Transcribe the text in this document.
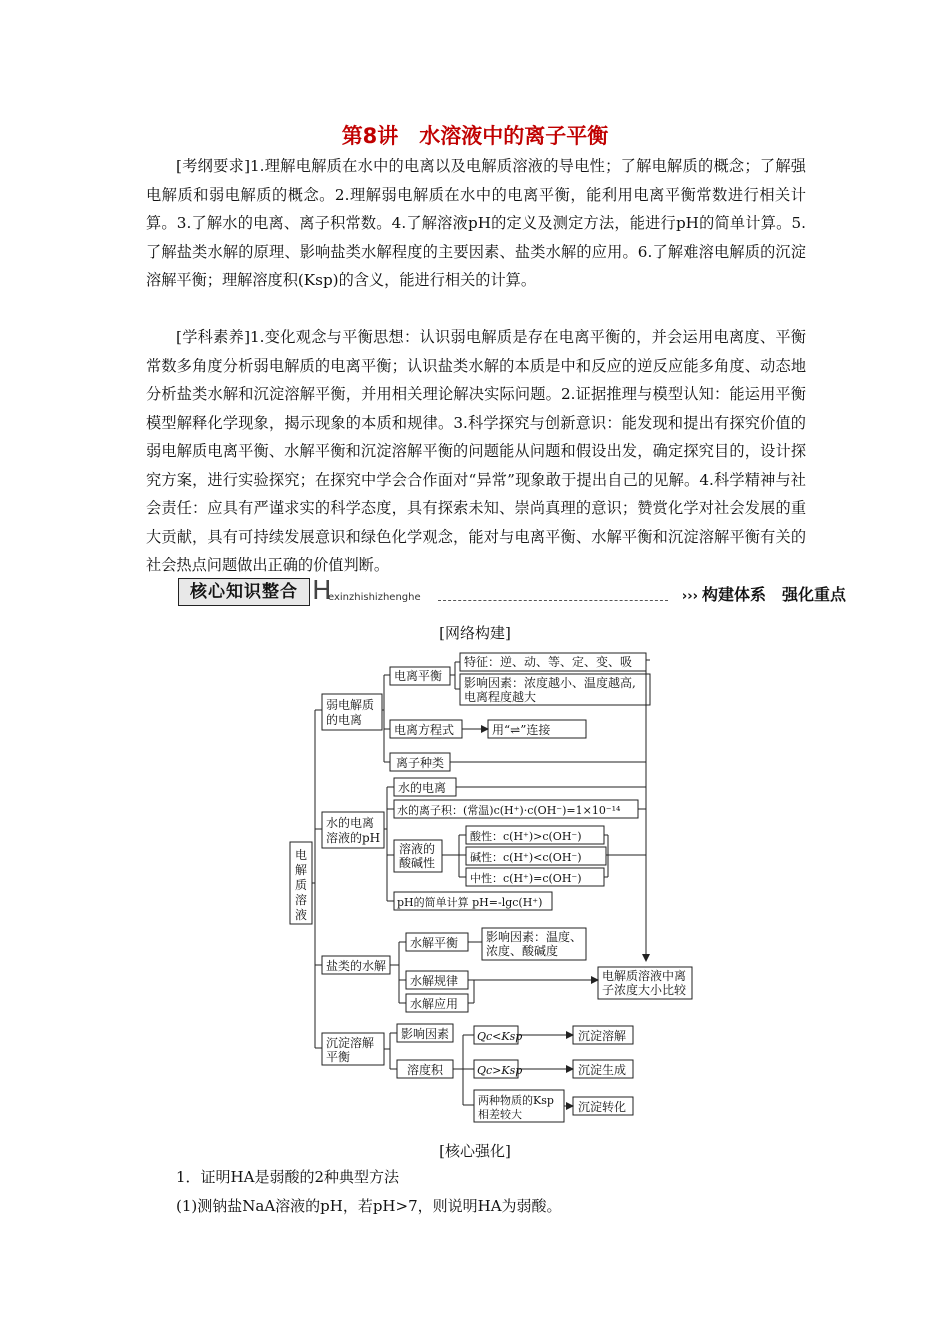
第8讲　水溶液中的离子平衡

[考纲要求]1.理解电解质在水中的电离以及电解质溶液的导电性；了解电解质的概念；了解强电解质和弱电解质的概念。2.理解弱电解质在水中的电离平衡，能利用电离平衡常数进行相关计算。3.了解水的电离、离子积常数。4.了解溶液pH的定义及测定方法，能进行pH的简单计算。5.了解盐类水解的原理、影响盐类水解程度的主要因素、盐类水解的应用。6.了解难溶电解质的沉淀溶解平衡；理解溶度积(Ksp)的含义，能进行相关的计算。

[学科素养]1.变化观念与平衡思想：认识弱电解质是存在电离平衡的，并会运用电离度、平衡常数多角度分析弱电解质的电离平衡；认识盐类水解的本质是中和反应的逆反应能多角度、动态地分析盐类水解和沉淀溶解平衡，并用相关理论解决实际问题。2.证据推理与模型认知：能运用平衡模型解释化学现象，揭示现象的本质和规律。3.科学探究与创新意识：能发现和提出有探究价值的弱电解质电离平衡、水解平衡和沉淀溶解平衡的问题能从问题和假设出发，确定探究目的，设计探究方案，进行实验探究；在探究中学会合作面对“异常”现象敢于提出自己的见解。4.科学精神与社会责任：应具有严谨求实的科学态度，具有探索未知、崇尚真理的意识；赞赏化学对社会发展的重大贡献，具有可持续发展意识和绿色化学观念，能对与电离平衡、水解平衡和沉淀溶解平衡有关的社会热点问题做出正确的价值判断。

核心知识整合 H
exinzhishizhenghe	››› 构建体系　强化重点
[网络构建]
电
解
质
溶
液
弱电解质
的电离
电离平衡
特征：逆、动、等、定、变、吸
影响因素：浓度越小、温度越高,
电离程度越大
电离方程式	用“⇌”连接
离子种类
水的电离
溶液的pH
水的电离
水的离子积：(常温)c(H⁺)·c(OH⁻)=1×10⁻¹⁴
溶液的
酸碱性
酸性：c(H⁺)>c(OH⁻)
碱性：c(H⁺)<c(OH⁻)
中性：c(H⁺)=c(OH⁻)
pH的简单计算 pH=-lgc(H⁺)
盐类的水解
水解平衡 影响因素：温度、
浓度、酸碱度
水解规律
水解应用
电解质溶液中离
子浓度大小比较
沉淀溶解
平衡
影响因素
溶度积
Qc<Ksp
Qc>Ksp
两种物质的Ksp
相差较大
沉淀溶解
沉淀生成
沉淀转化
[核心强化]
1．证明HA是弱酸的2种典型方法
(1)测钠盐NaA溶液的pH，若pH>7，则说明HA为弱酸。
